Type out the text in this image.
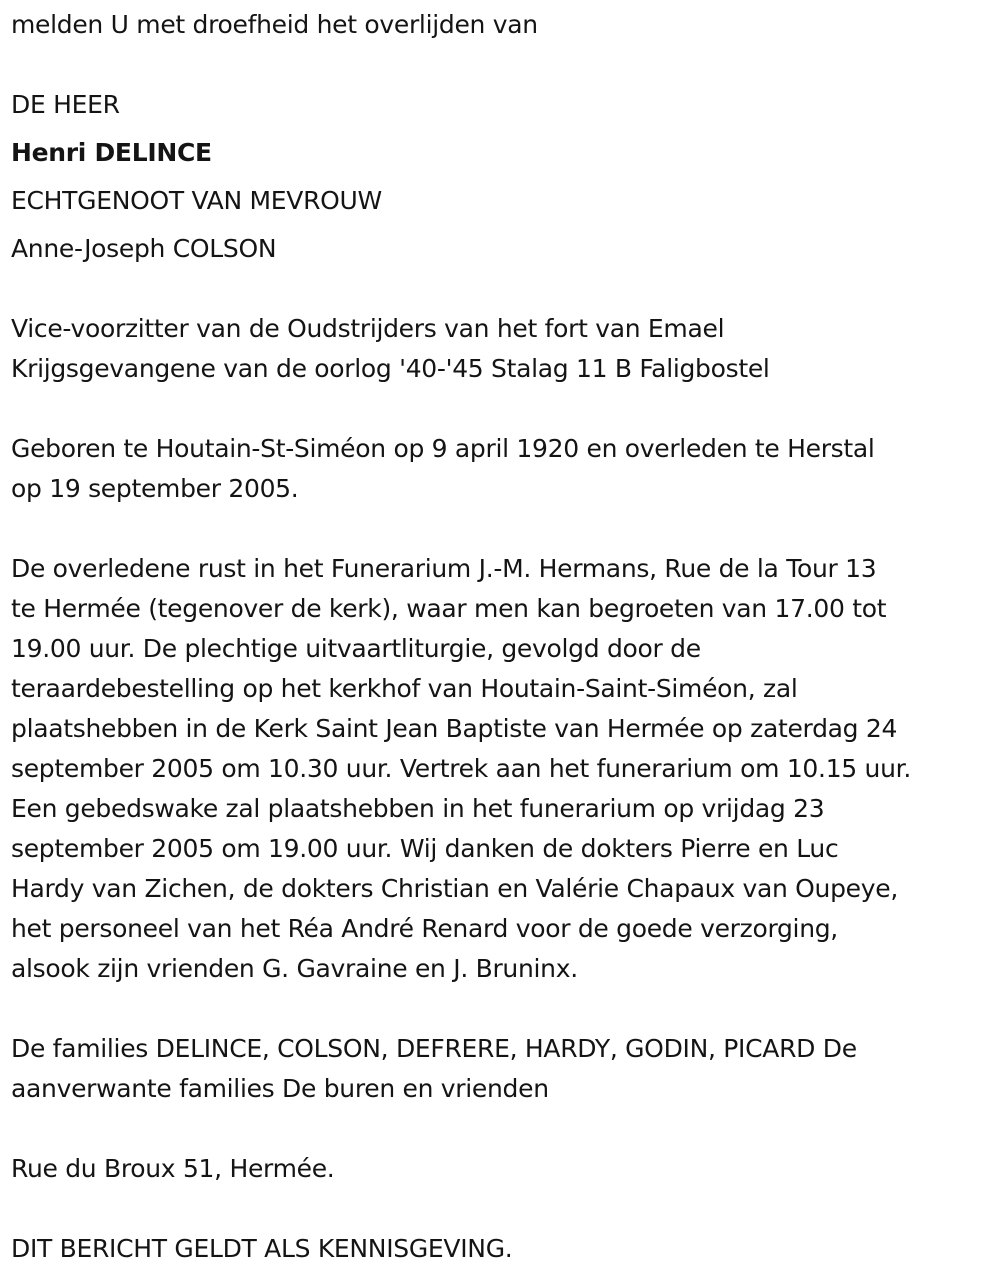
melden U met droefheid het overlijden van
DE HEER
Henri DELINCE
ECHTGENOOT VAN MEVROUW
Anne-Joseph COLSON
Vice-voorzitter van de Oudstrijders van het fort van Emael
Krijgsgevangene van de oorlog '40-'45 Stalag 11 B Faligbostel
Geboren te Houtain-St-Siméon op 9 april 1920 en overleden te Herstal
op 19 september 2005.
De overledene rust in het Funerarium J.-M. Hermans, Rue de la Tour 13
te Hermée (tegenover de kerk), waar men kan begroeten van 17.00 tot
19.00 uur. De plechtige uitvaartliturgie, gevolgd door de
teraardebestelling op het kerkhof van Houtain-Saint-Siméon, zal
plaatshebben in de Kerk Saint Jean Baptiste van Hermée op zaterdag 24
september 2005 om 10.30 uur. Vertrek aan het funerarium om 10.15 uur.
Een gebedswake zal plaatshebben in het funerarium op vrijdag 23
september 2005 om 19.00 uur. Wij danken de dokters Pierre en Luc
Hardy van Zichen, de dokters Christian en Valérie Chapaux van Oupeye,
het personeel van het Réa André Renard voor de goede verzorging,
alsook zijn vrienden G. Gavraine en J. Bruninx.
De families DELINCE, COLSON, DEFRERE, HARDY, GODIN, PICARD De
aanverwante families De buren en vrienden
Rue du Broux 51, Hermée.
DIT BERICHT GELDT ALS KENNISGEVING.
